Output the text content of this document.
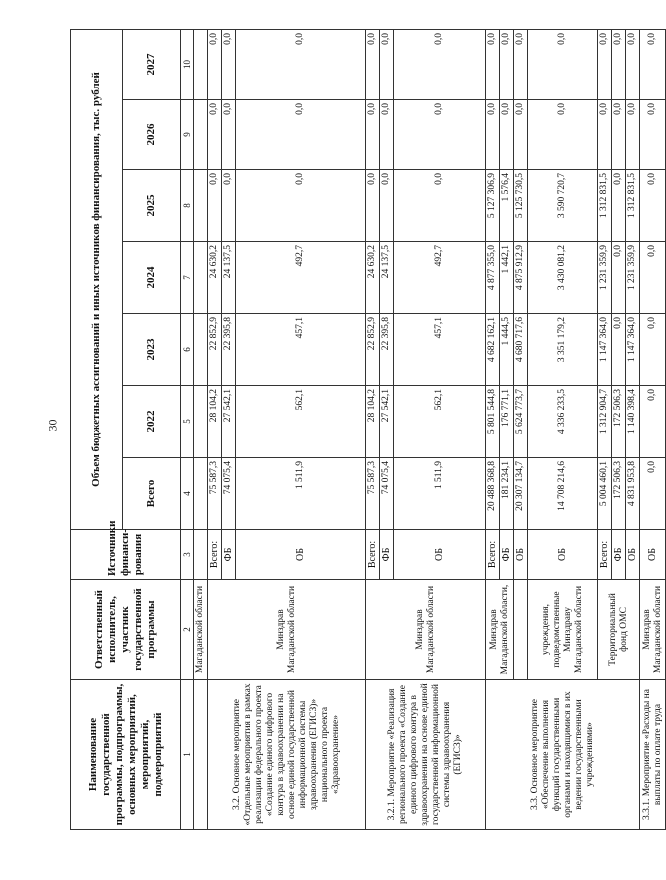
30
Наименование государственной программы, подпрограммы, основных мероприятий, мероприятий, подмероприятий	Ответственный исполнитель, участник государственной программы	Источники финанси-рования	Объем бюджетных ассигнований и иных источников финансирования, тыс. рублей						
			Всего	2022	2023	2024	2025	2026	2027
1	2	3	4	5	6	7	8	9	10
	Магаданской области								
3.2. Основное мероприятие «Отдельные мероприятия в рамках реализации федерального проекта «Создание единого цифрового контура в здравоохранении на основе единой государственной информационной системы здравоохранения (ЕГИСЗ)» национального проекта «Здравоохранение»	Минздрав Магаданской области	Всего:	75 587,3	28 104,2	22 852,9	24 630,2	0,0	0,0	0,0
		ФБ	74 075,4	27 542,1	22 395,8	24 137,5	0,0	0,0	0,0
		ОБ	1 511,9	562,1	457,1	492,7	0,0	0,0	0,0
3.2.1. Мероприятие «Реализация регионального проекта «Создание единого цифрового контура в здравоохранении на основе единой государственной информационной системы здравоохранения (ЕГИСЗ)»	Минздрав Магаданской области	Всего:	75 587,3	28 104,2	22 852,9	24 630,2	0,0	0,0	0,0
		ФБ	74 075,4	27 542,1	22 395,8	24 137,5	0,0	0,0	0,0
		ОБ	1 511,9	562,1	457,1	492,7	0,0	0,0	0,0
3.3. Основное мероприятие «Обеспечение выполнения функций государственными органами и находящимися в их ведении государственными учреждениями»	Минздрав Магаданской области,	Всего:	20 488 368,8	5 801 544,8	4 682 162,1	4 877 355,0	5 127 306,9	0,0	0,0
		ФБ	181 234,1	176 771,1	1 444,5	1 442,1	1 576,4	0,0	0,0
		ОБ	20 307 134,7	5 624 773,7	4 680 717,6	4 875 912,9	5 125 730,5	0,0	0,0
	учреждения, подведомственные Минздраву Магаданской области	ОБ	14 708 214,6	4 336 233,5	3 351 179,2	3 430 081,2	3 590 720,7	0,0	0,0
	Территориальный фонд ОМС	Всего:	5 004 460,1	1 312 904,7	1 147 364,0	1 231 359,9	1 312 831,5	0,0	0,0
		ФБ	172 506,3	172 506,3	0,0	0,0	0,0	0,0	0,0
		ОБ	4 831 953,8	1 140 398,4	1 147 364,0	1 231 359,9	1 312 831,5	0,0	0,0
3.3.1. Мероприятие «Расходы на выплаты по оплате труда	Минздрав Магаданской области	ОБ	0,0	0,0	0,0	0,0	0,0	0,0	0,0
